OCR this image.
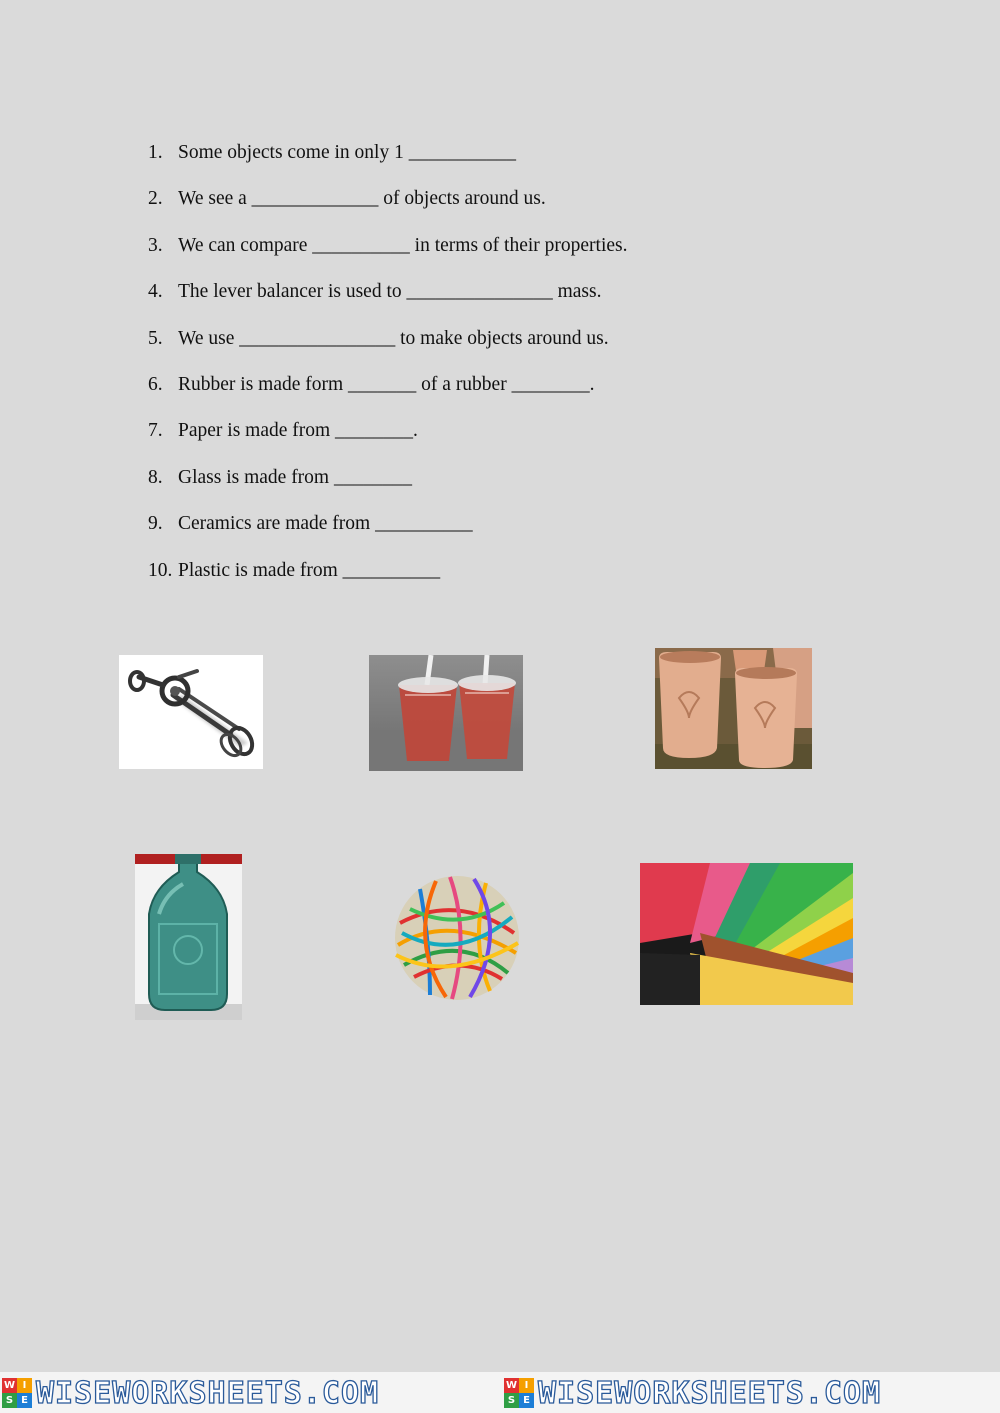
1. Some objects come in only 1 ___________
2. We see a _____________ of objects around us.
3. We can compare __________ in terms of their properties.
4. The lever balancer is used to _______________ mass.
5. We use ________________ to make objects around us.
6. Rubber is made form _______ of a rubber ________.
7. Paper is made from ________.
8. Glass is made from ________
9. Ceramics are made from __________
10. Plastic is made from __________
W I
S E WISEWORKSHEETS.COM	W I
S E WISEWORKSHEETS.COM
